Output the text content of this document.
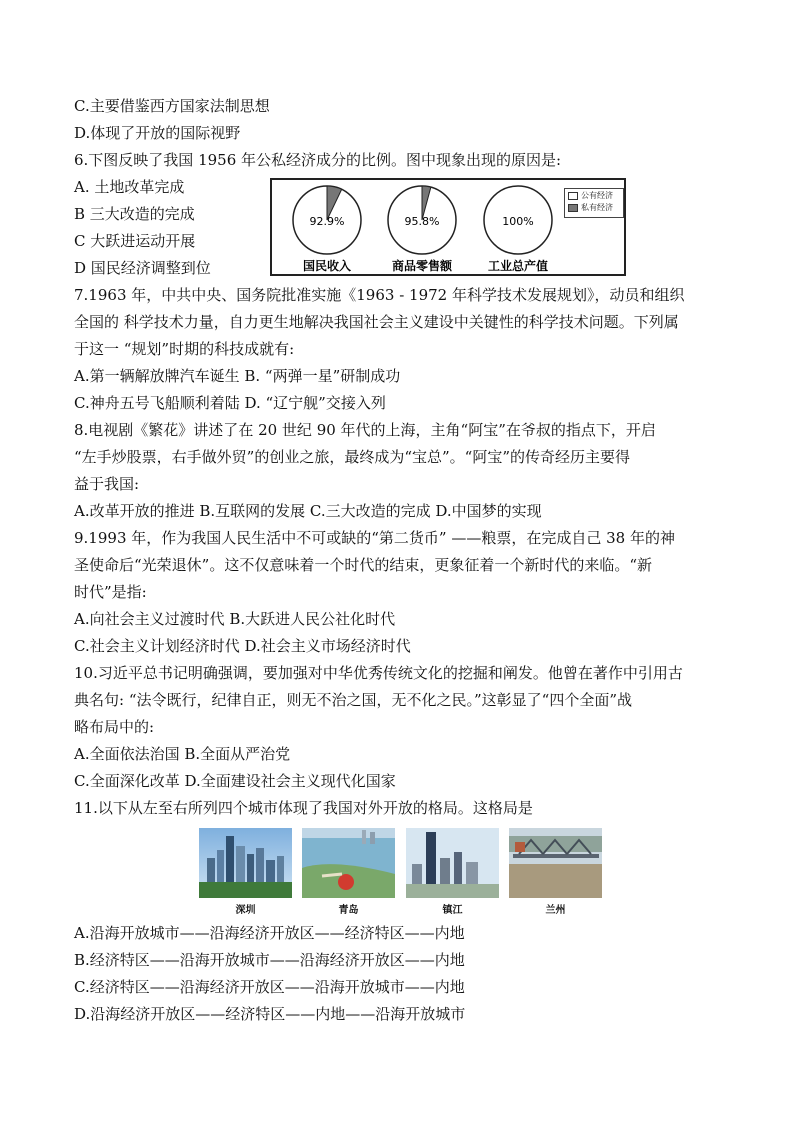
C.主要借鉴西方国家法制思想
D.体现了开放的国际视野
6.下图反映了我国 1956 年公私经济成分的比例。图中现象出现的原因是:
A. 土地改革完成
B 三大改造的完成
C 大跃进运动开展
D 国民经济调整到位
92.9%
国民收入
95.8%
商品零售额
100%
工业总产值
公有经济
私有经济
7.1963 年，中共中央、国务院批准实施《1963 - 1972 年科学技术发展规划》，动员和组织
全国的 科学技术力量，自力更生地解决我国社会主义建设中关键性的科学技术问题。下列属
于这一 “规划”时期的科技成就有:
A.第一辆解放牌汽车诞生 B. “两弹一星”研制成功
C.神舟五号飞船顺利着陆 D. “辽宁舰”交接入列
8.电视剧《繁花》讲述了在 20 世纪 90 年代的上海，主角“阿宝”在爷叔的指点下，开启
“左手炒股票，右手做外贸”的创业之旅，最终成为“宝总”。“阿宝”的传奇经历主要得
益于我国:
A.改革开放的推进 B.互联网的发展 C.三大改造的完成 D.中国梦的实现
9.1993 年，作为我国人民生活中不可或缺的“第二货币” ——粮票，在完成自己 38 年的神
圣使命后“光荣退休”。这不仅意味着一个时代的结束，更象征着一个新时代的来临。“新
时代”是指:
A.向社会主义过渡时代 B.大跃进人民公社化时代
C.社会主义计划经济时代 D.社会主义市场经济时代
10.习近平总书记明确强调，要加强对中华优秀传统文化的挖掘和阐发。他曾在著作中引用古
典名句: “法令既行，纪律自正，则无不治之国，无不化之民。”这彰显了“四个全面”战
略布局中的:
A.全面依法治国 B.全面从严治党
C.全面深化改革 D.全面建设社会主义现代化国家
11.以下从左至右所列四个城市体现了我国对外开放的格局。这格局是
深圳	青岛	镇江	兰州
A.沿海开放城市——沿海经济开放区——经济特区——内地
B.经济特区——沿海开放城市——沿海经济开放区——内地
C.经济特区——沿海经济开放区——沿海开放城市——内地
D.沿海经济开放区——经济特区——内地——沿海开放城市
